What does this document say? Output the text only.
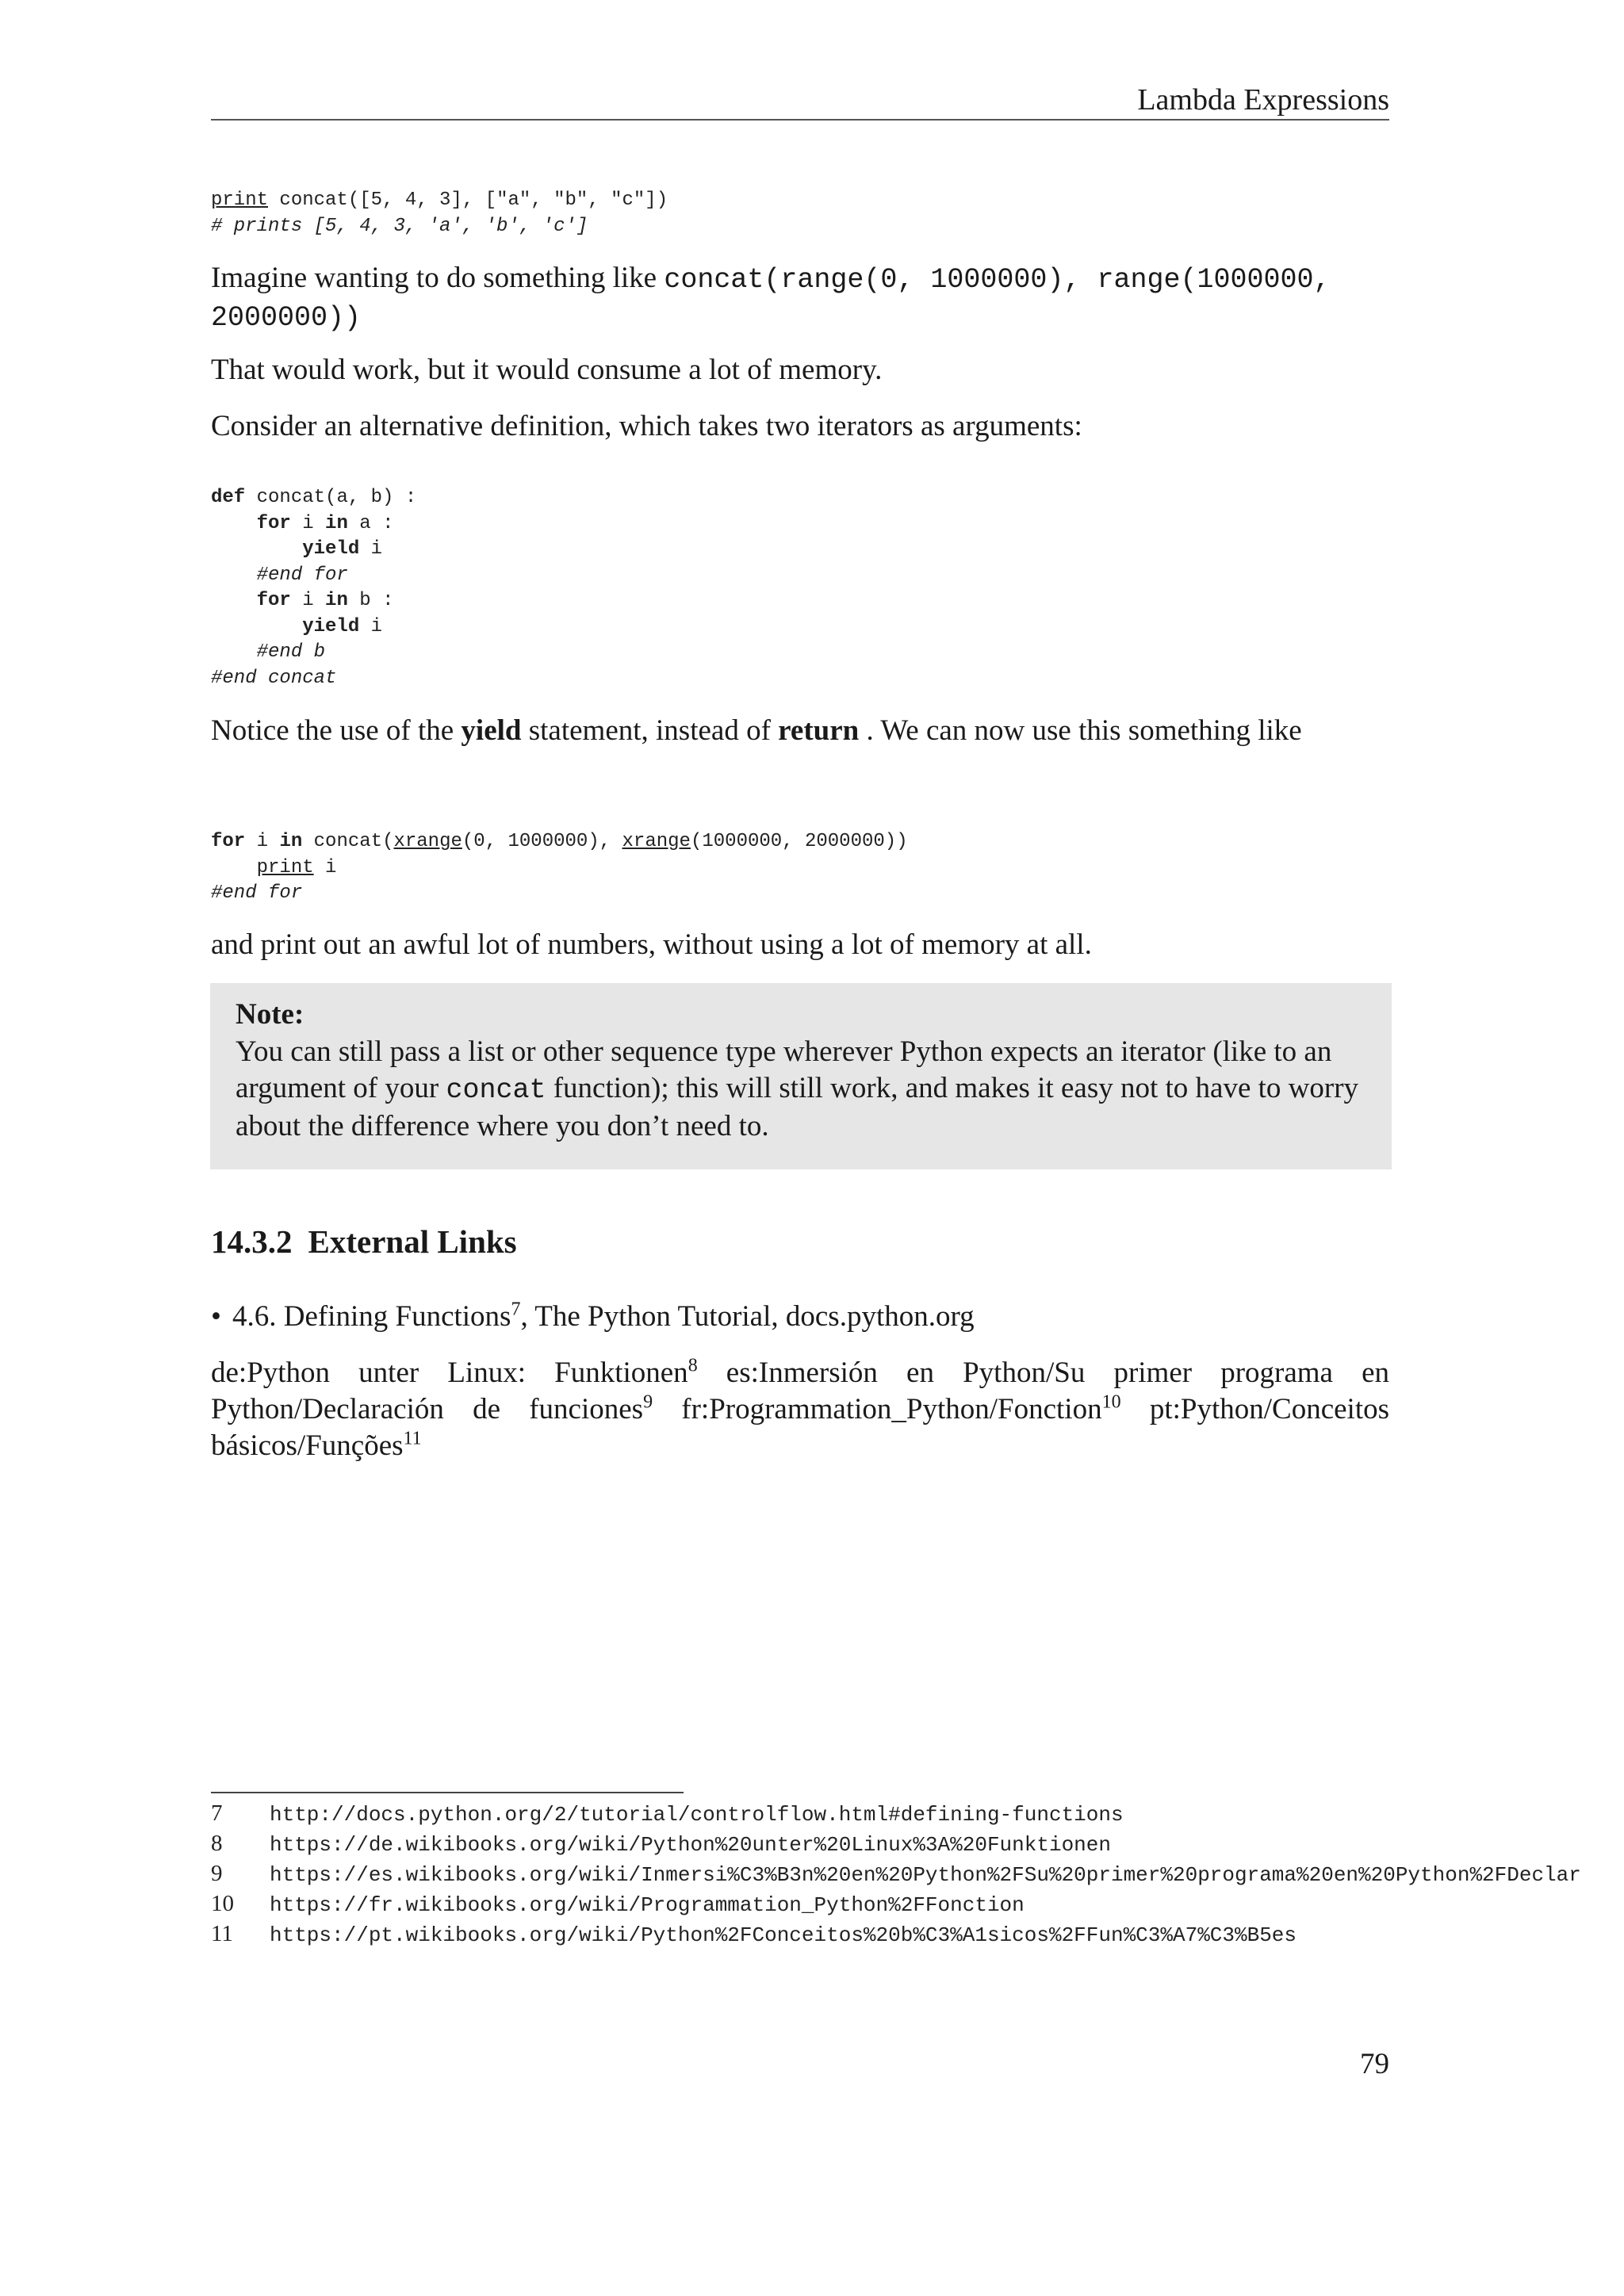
Lambda Expressions
print concat([5, 4, 3], ["a", "b", "c"])
# prints [5, 4, 3, 'a', 'b', 'c']
Imagine wanting to do something like concat(range(0, 1000000), range(1000000, 2000000))
That would work, but it would consume a lot of memory.
Consider an alternative definition, which takes two iterators as arguments:
def concat(a, b) :
for i in a :
yield i
#end for
for i in b :
yield i
#end b
#end concat
Notice the use of the yield statement, instead of return . We can now use this something like
for i in concat(xrange(0, 1000000), xrange(1000000, 2000000))
print i
#end for
and print out an awful lot of numbers, without using a lot of memory at all.
Note:
You can still pass a list or other sequence type wherever Python expects an iterator (like to an argument of your concat function); this will still work, and makes it easy not to have to worry about the difference where you don’t need to.
14.3.2 External Links
• 4.6. Defining Functions$^7$, The Python Tutorial, docs.python.org
de:Python unter Linux: Funktionen$^8$ es:Inmersión en Python/Su primer programa en Python/Declaración de funciones$^9$ fr:Programmation_Python/Fonction$^{10}$ pt:Python/Conceitos básicos/Funções$^{11}$
7 http://docs.python.org/2/tutorial/controlflow.html#defining-functions
8 https://de.wikibooks.org/wiki/Python%20unter%20Linux%3A%20Funktionen
9 https://es.wikibooks.org/wiki/Inmersi%C3%B3n%20en%20Python%2FSu%20primer%20programa%20en%20Python%2FDeclar
10 https://fr.wikibooks.org/wiki/Programmation_Python%2FFonction
11 https://pt.wikibooks.org/wiki/Python%2FConceitos%20b%C3%A1sicos%2FFun%C3%A7%C3%B5es
79
